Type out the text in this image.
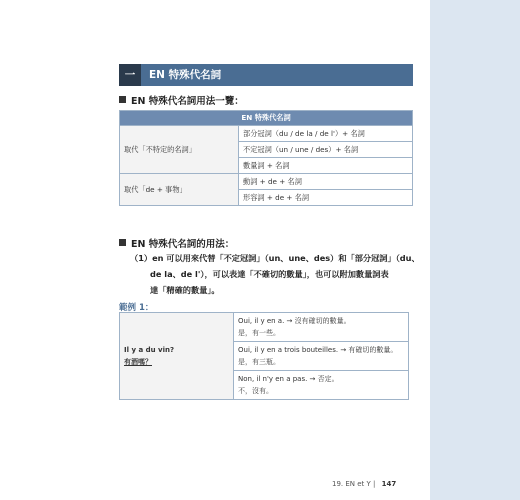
一 EN 特殊代名詞
EN 特殊代名詞用法一覽：
EN 特殊代名詞	
取代「不特定的名詞」	部分冠詞（du / de la / de l'）+ 名詞
	不定冠詞（un / une / des）+ 名詞
	數量詞 + 名詞
取代「de + 事物」	動詞 + de + 名詞
	形容詞 + de + 名詞
EN 特殊代名詞的用法：
（1）en 可以用來代替「不定冠詞」（un、une、des）和「部分冠詞」（du、
de la、de l'），可以表達「不確切的數量」，也可以附加數量詞表
達「精確的數量」。
範例 1：
Il y a du vin?
有酒嗎？

Oui, il y en a. → 沒有確切的數量。
是，有一些。

Oui, il y en a trois bouteilles. → 有確切的數量。
是，有三瓶。

Non, il n'y en a pas. → 否定。
不，沒有。
19. EN et Y | 147
